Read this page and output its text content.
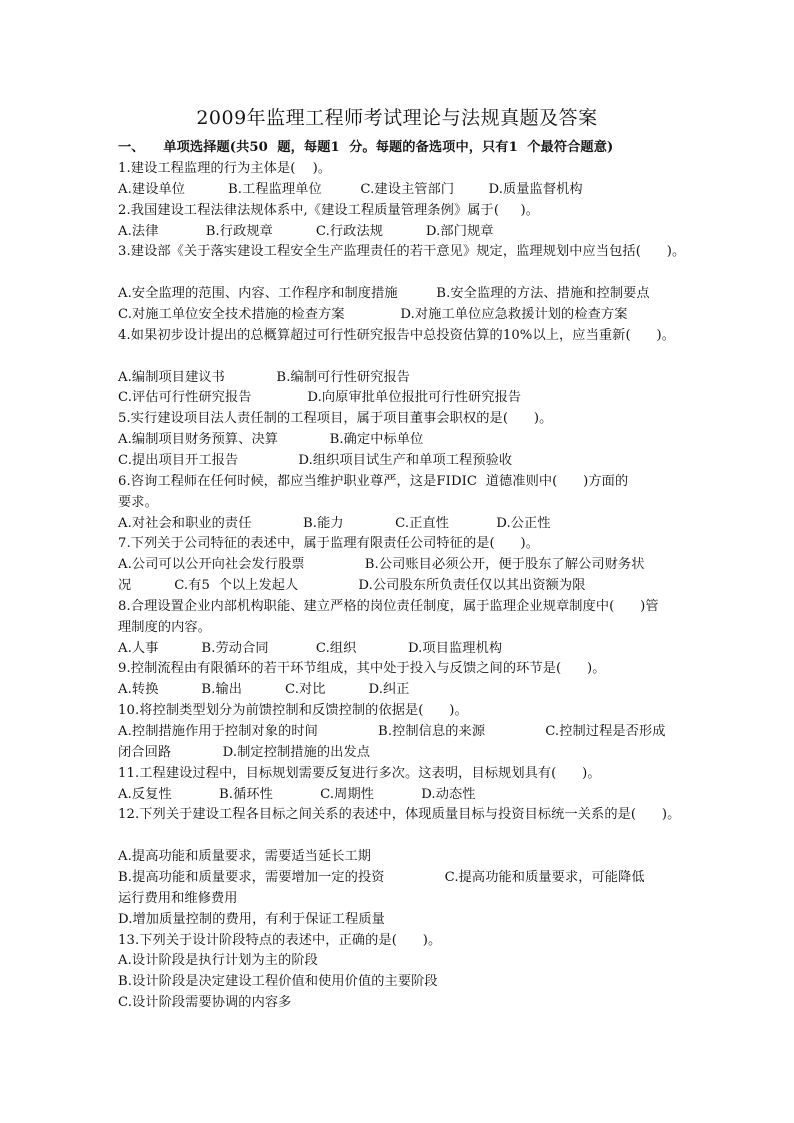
2009年监理工程师考试理论与法规真题及答案
一、    单项选择题(共50  题，每题1  分。每题的备选项中，只有1  个最符合题意)
1.建设工程监理的行为主体是(    )。
A.建设单位          B.工程监理单位         C.建设主管部门        D.质量监督机构
2.我国建设工程法律法规体系中,《建设工程质量管理条例》属于(     )。
A.法律           B.行政规章          C.行政法规          D.部门规章
3.建设部《关于落实建设工程安全生产监理责任的若干意见》规定，监理规划中应当包括(      )。
A.安全监理的范围、内容、工作程序和制度措施         B.安全监理的方法、措施和控制要点
C.对施工单位安全技术措施的检查方案             D.对施工单位应急救援计划的检查方案
4.如果初步设计提出的总概算超过可行性研究报告中总投资估算的10%以上，应当重新(      )。
A.编制项目建议书            B.编制可行性研究报告
C.评估可行性研究报告             D.向原审批单位报批可行性研究报告
5.实行建设项目法人责任制的工程项目，属于项目董事会职权的是(      )。
A.编制项目财务预算、决算            B.确定中标单位
C.提出项目开工报告              D.组织项目试生产和单项工程预验收
6.咨询工程师在任何时候，都应当维护职业尊严，这是FIDIC  道德准则中(      )方面的
要求。
A.对社会和职业的责任            B.能力            C.正直性           D.公正性
7.下列关于公司特征的表述中，属于监理有限责任公司特征的是(      )。
A.公司可以公开向社会发行股票              B.公司账目必须公开，便于股东了解公司财务状
况          C.有5  个以上发起人              D.公司股东所负责任仅以其出资额为限
8.合理设置企业内部机构职能、建立严格的岗位责任制度，属于监理企业规章制度中(      )管
理制度的内容。
A.人事          B.劳动合同           C.组织            D.项目监理机构
9.控制流程由有限循环的若干环节组成，其中处于投入与反馈之间的环节是(      )。
A.转换          B.输出          C.对比          D.纠正
10.将控制类型划分为前馈控制和反馈控制的依据是(      )。
A.控制措施作用于控制对象的时间              B.控制信息的来源              C.控制过程是否形成
闭合回路            D.制定控制措施的出发点
11.工程建设过程中，目标规划需要反复进行多次。这表明，目标规划具有(      )。
A.反复性           B.循环性           C.周期性           D.动态性
12.下列关于建设工程各目标之间关系的表述中，体现质量目标与投资目标统一关系的是(      )。
A.提高功能和质量要求，需要适当延长工期
B.提高功能和质量要求，需要增加一定的投资              C.提高功能和质量要求，可能降低
运行费用和维修费用
D.增加质量控制的费用，有利于保证工程质量
13.下列关于设计阶段特点的表述中，正确的是(      )。
A.设计阶段是执行计划为主的阶段
B.设计阶段是决定建设工程价值和使用价值的主要阶段
C.设计阶段需要协调的内容多
